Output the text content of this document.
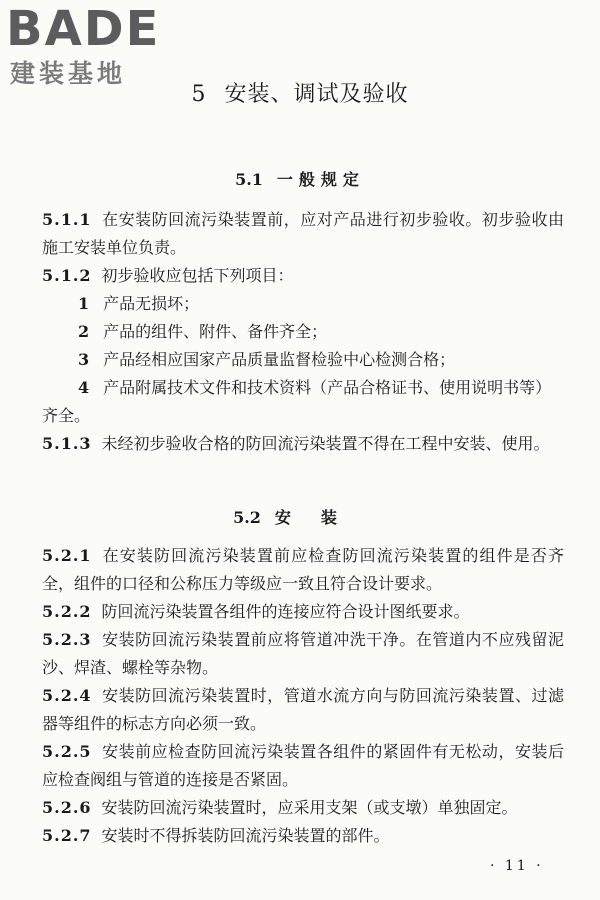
BADE
建装基地
5 安装、调试及验收
5.1 一般规定
5.1.1 在安装防回流污染装置前，应对产品进行初步验收。初步验收由施工安装单位负责。
5.1.2 初步验收应包括下列项目：
1 产品无损坏；
2 产品的组件、附件、备件齐全；
3 产品经相应国家产品质量监督检验中心检测合格；
4 产品附属技术文件和技术资料（产品合格证书、使用说明书等）齐全。
5.1.3 未经初步验收合格的防回流污染装置不得在工程中安装、使用。
5.2 安装
5.2.1 在安装防回流污染装置前应检查防回流污染装置的组件是否齐全，组件的口径和公称压力等级应一致且符合设计要求。
5.2.2 防回流污染装置各组件的连接应符合设计图纸要求。
5.2.3 安装防回流污染装置前应将管道冲洗干净。在管道内不应残留泥沙、焊渣、螺栓等杂物。
5.2.4 安装防回流污染装置时，管道水流方向与防回流污染装置、过滤器等组件的标志方向必须一致。
5.2.5 安装前应检查防回流污染装置各组件的紧固件有无松动，安装后应检查阀组与管道的连接是否紧固。
5.2.6 安装防回流污染装置时，应采用支架（或支墩）单独固定。
5.2.7 安装时不得拆装防回流污染装置的部件。
· 11 ·
